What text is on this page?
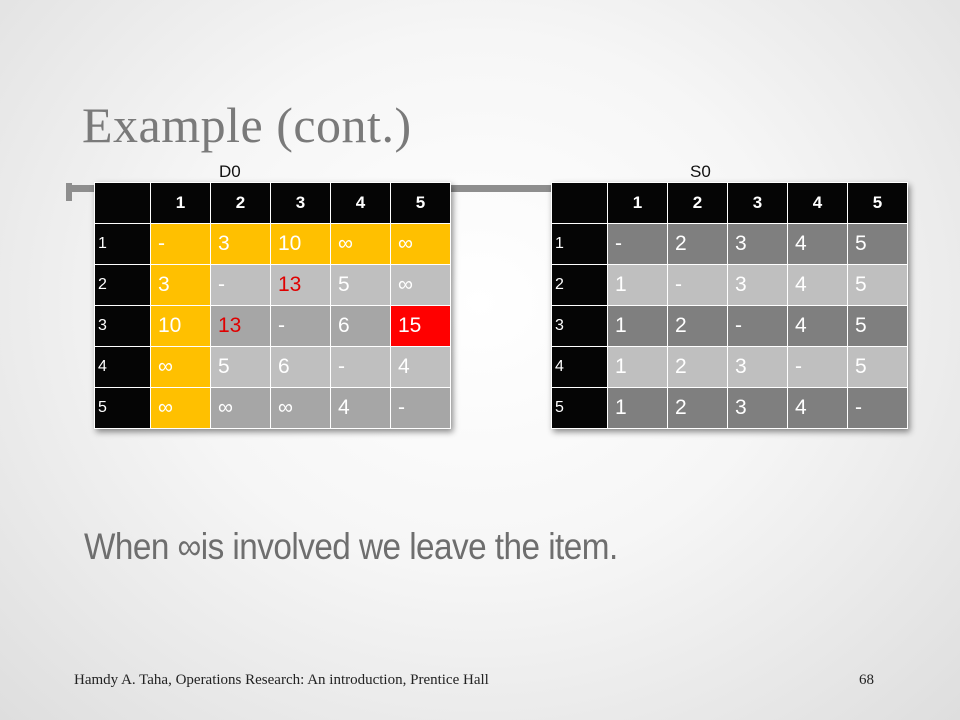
Example (cont.)
D0	S0
	1	2	3	4	5
1	-	3	10	∞	∞
2	3	-	13	5	∞
3	10	13	-	6	15
4	∞	5	6	-	4
5	∞	∞	∞	4	-
	1	2	3	4	5
1	-	2	3	4	5
2	1	-	3	4	5
3	1	2	-	4	5
4	1	2	3	-	5
5	1	2	3	4	-
When ∞is involved we leave the item.
Hamdy A. Taha, Operations Research: An introduction, Prentice Hall	68
